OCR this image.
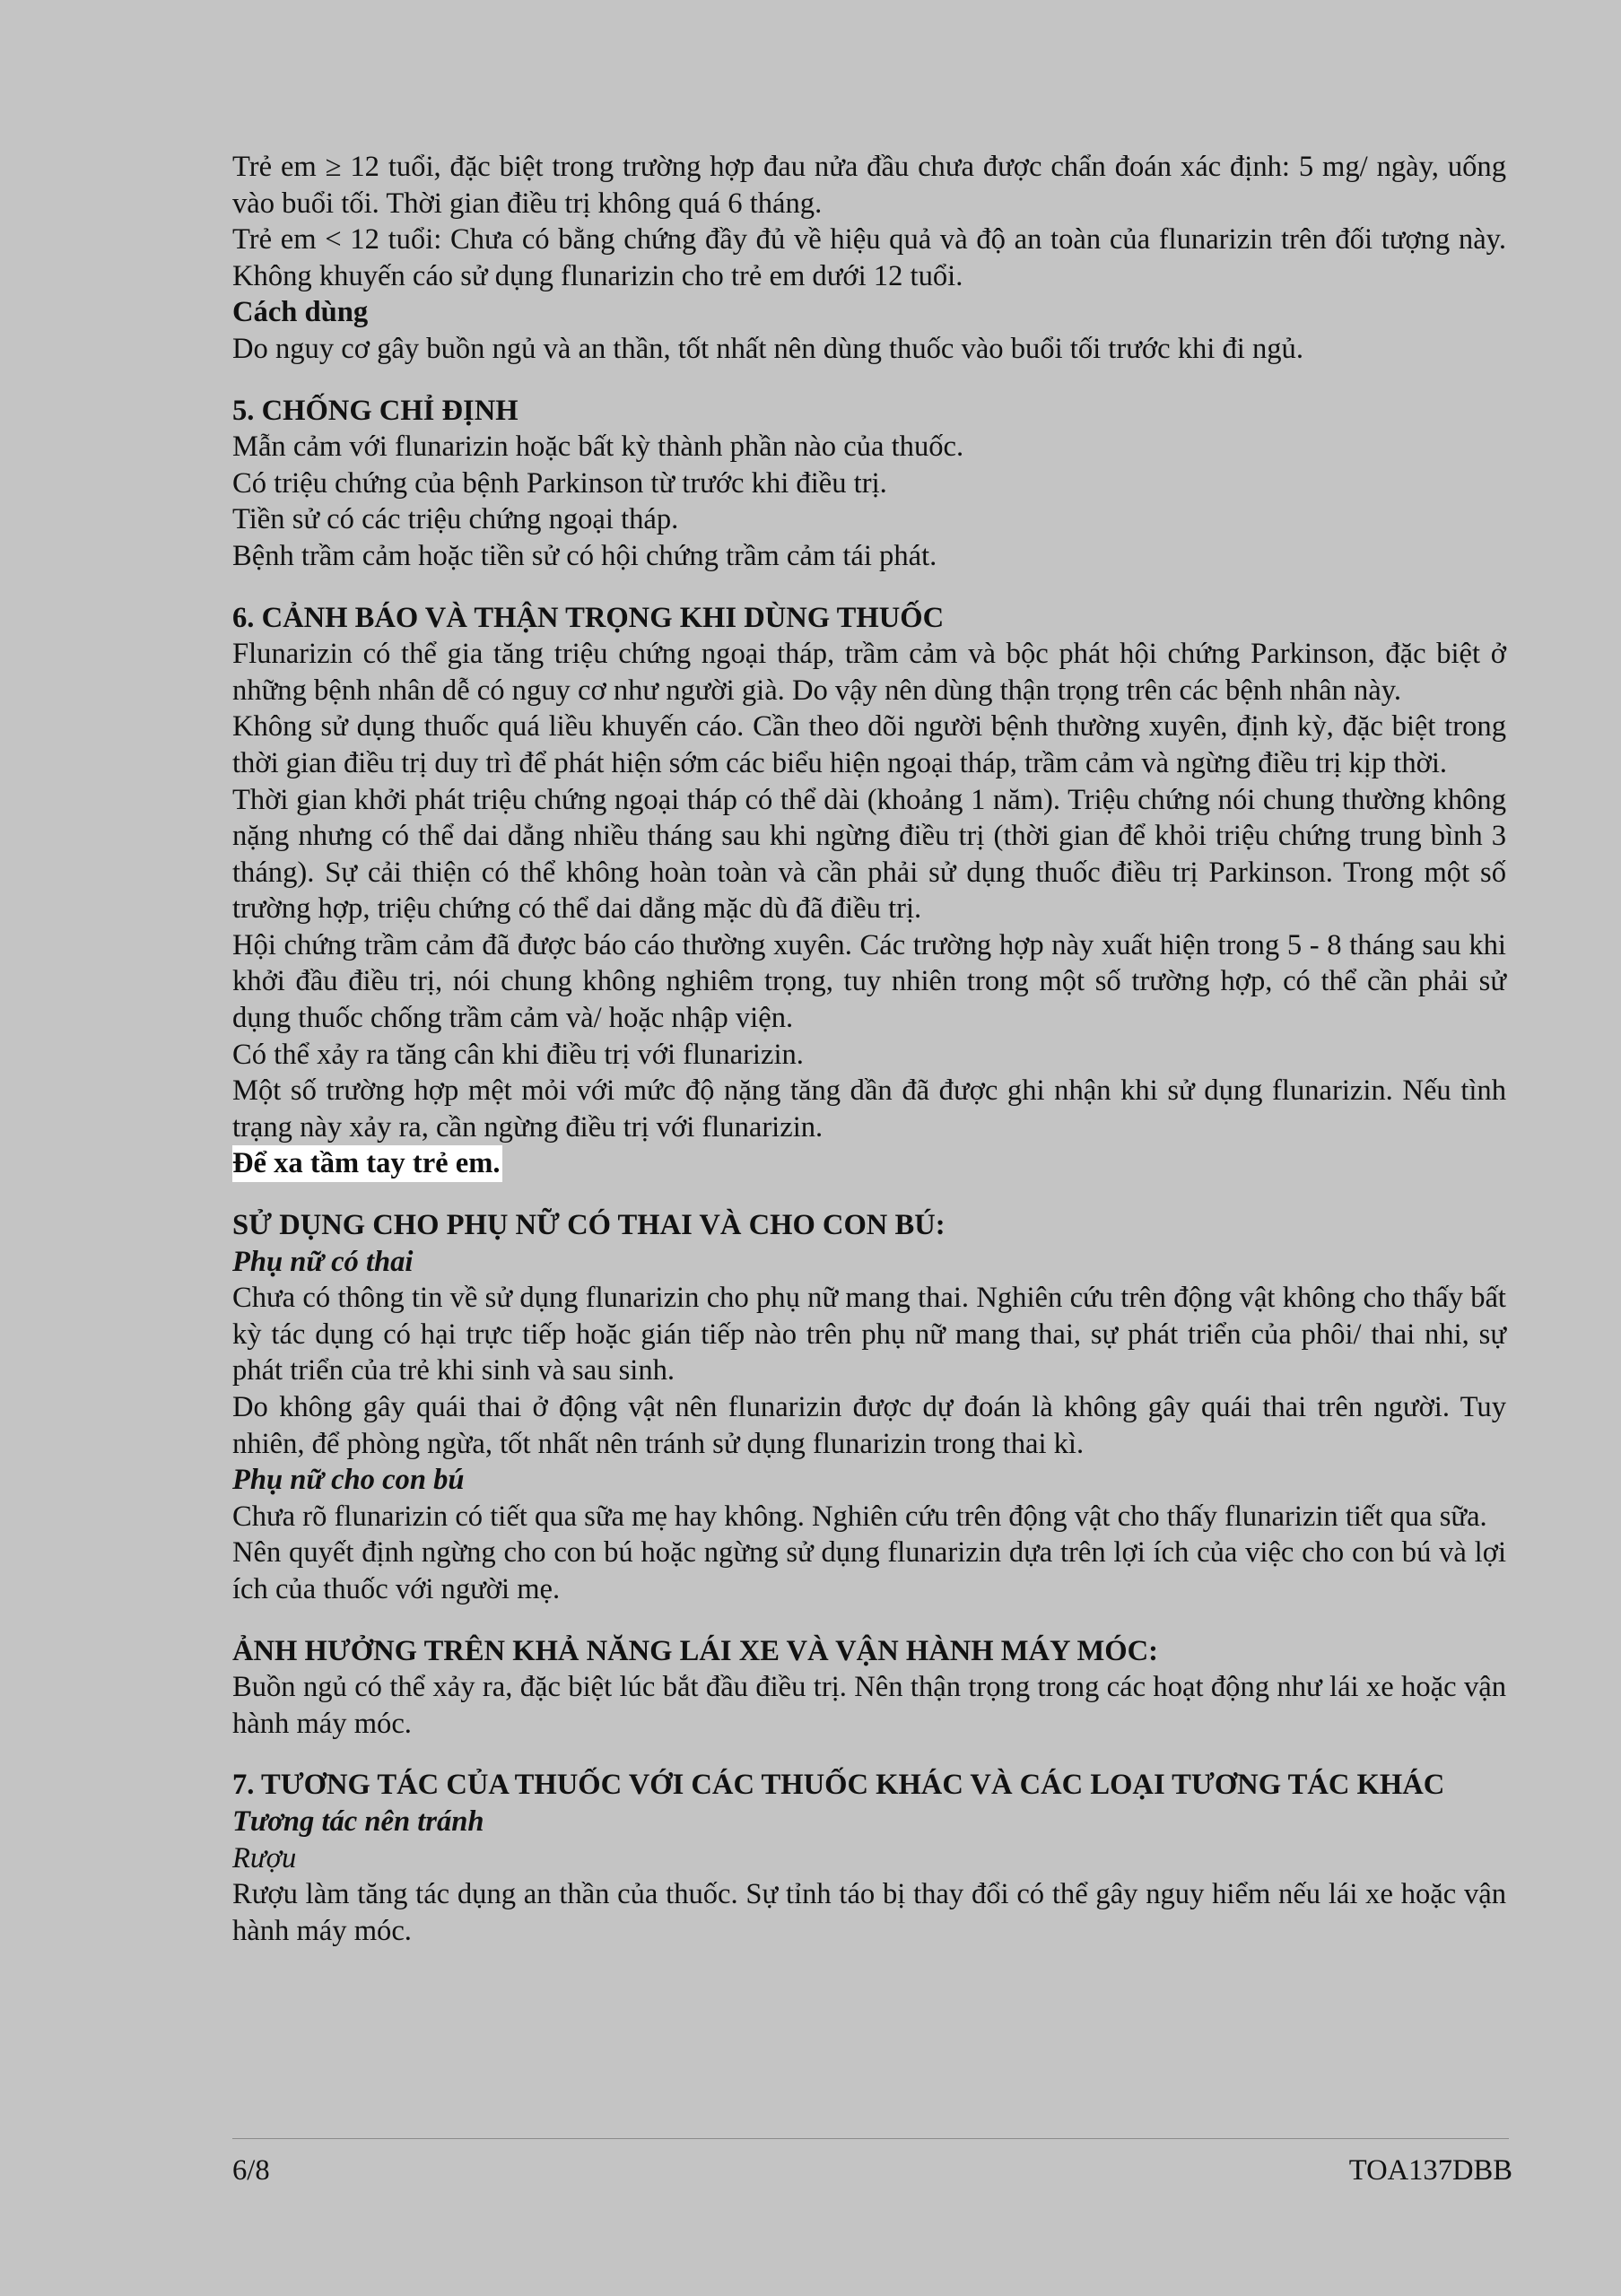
Trẻ em ≥ 12 tuổi, đặc biệt trong trường hợp đau nửa đầu chưa được chẩn đoán xác định: 5 mg/ ngày, uống vào buổi tối. Thời gian điều trị không quá 6 tháng.

Trẻ em < 12 tuổi: Chưa có bằng chứng đầy đủ về hiệu quả và độ an toàn của flunarizin trên đối tượng này. Không khuyến cáo sử dụng flunarizin cho trẻ em dưới 12 tuổi.

Cách dùng

Do nguy cơ gây buồn ngủ và an thần, tốt nhất nên dùng thuốc vào buổi tối trước khi đi ngủ.

5. CHỐNG CHỈ ĐỊNH

Mẫn cảm với flunarizin hoặc bất kỳ thành phần nào của thuốc.

Có triệu chứng của bệnh Parkinson từ trước khi điều trị.

Tiền sử có các triệu chứng ngoại tháp.

Bệnh trầm cảm hoặc tiền sử có hội chứng trầm cảm tái phát.

6. CẢNH BÁO VÀ THẬN TRỌNG KHI DÙNG THUỐC

Flunarizin có thể gia tăng triệu chứng ngoại tháp, trầm cảm và bộc phát hội chứng Parkinson, đặc biệt ở những bệnh nhân dễ có nguy cơ như người già. Do vậy nên dùng thận trọng trên các bệnh nhân này.

Không sử dụng thuốc quá liều khuyến cáo. Cần theo dõi người bệnh thường xuyên, định kỳ, đặc biệt trong thời gian điều trị duy trì để phát hiện sớm các biểu hiện ngoại tháp, trầm cảm và ngừng điều trị kịp thời.

Thời gian khởi phát triệu chứng ngoại tháp có thể dài (khoảng 1 năm). Triệu chứng nói chung thường không nặng nhưng có thể dai dẳng nhiều tháng sau khi ngừng điều trị (thời gian để khỏi triệu chứng trung bình 3 tháng). Sự cải thiện có thể không hoàn toàn và cần phải sử dụng thuốc điều trị Parkinson. Trong một số trường hợp, triệu chứng có thể dai dẳng mặc dù đã điều trị.

Hội chứng trầm cảm đã được báo cáo thường xuyên. Các trường hợp này xuất hiện trong 5 - 8 tháng sau khi khởi đầu điều trị, nói chung không nghiêm trọng, tuy nhiên trong một số trường hợp, có thể cần phải sử dụng thuốc chống trầm cảm và/ hoặc nhập viện.

Có thể xảy ra tăng cân khi điều trị với flunarizin.

Một số trường hợp mệt mỏi với mức độ nặng tăng dần đã được ghi nhận khi sử dụng flunarizin. Nếu tình trạng này xảy ra, cần ngừng điều trị với flunarizin.

Để xa tầm tay trẻ em.

SỬ DỤNG CHO PHỤ NỮ CÓ THAI VÀ CHO CON BÚ:

Phụ nữ có thai

Chưa có thông tin về sử dụng flunarizin cho phụ nữ mang thai. Nghiên cứu trên động vật không cho thấy bất kỳ tác dụng có hại trực tiếp hoặc gián tiếp nào trên phụ nữ mang thai, sự phát triển của phôi/ thai nhi, sự phát triển của trẻ khi sinh và sau sinh.

Do không gây quái thai ở động vật nên flunarizin được dự đoán là không gây quái thai trên người. Tuy nhiên, để phòng ngừa, tốt nhất nên tránh sử dụng flunarizin trong thai kì.

Phụ nữ cho con bú

Chưa rõ flunarizin có tiết qua sữa mẹ hay không. Nghiên cứu trên động vật cho thấy flunarizin tiết qua sữa.

Nên quyết định ngừng cho con bú hoặc ngừng sử dụng flunarizin dựa trên lợi ích của việc cho con bú và lợi ích của thuốc với người mẹ.

ẢNH HƯỞNG TRÊN KHẢ NĂNG LÁI XE VÀ VẬN HÀNH MÁY MÓC:

Buồn ngủ có thể xảy ra, đặc biệt lúc bắt đầu điều trị. Nên thận trọng trong các hoạt động như lái xe hoặc vận hành máy móc.

7. TƯƠNG TÁC CỦA THUỐC VỚI CÁC THUỐC KHÁC VÀ CÁC LOẠI TƯƠNG TÁC KHÁC

Tương tác nên tránh

Rượu

Rượu làm tăng tác dụng an thần của thuốc. Sự tỉnh táo bị thay đổi có thể gây nguy hiểm nếu lái xe hoặc vận hành máy móc.

6/8	TOA137DBB
